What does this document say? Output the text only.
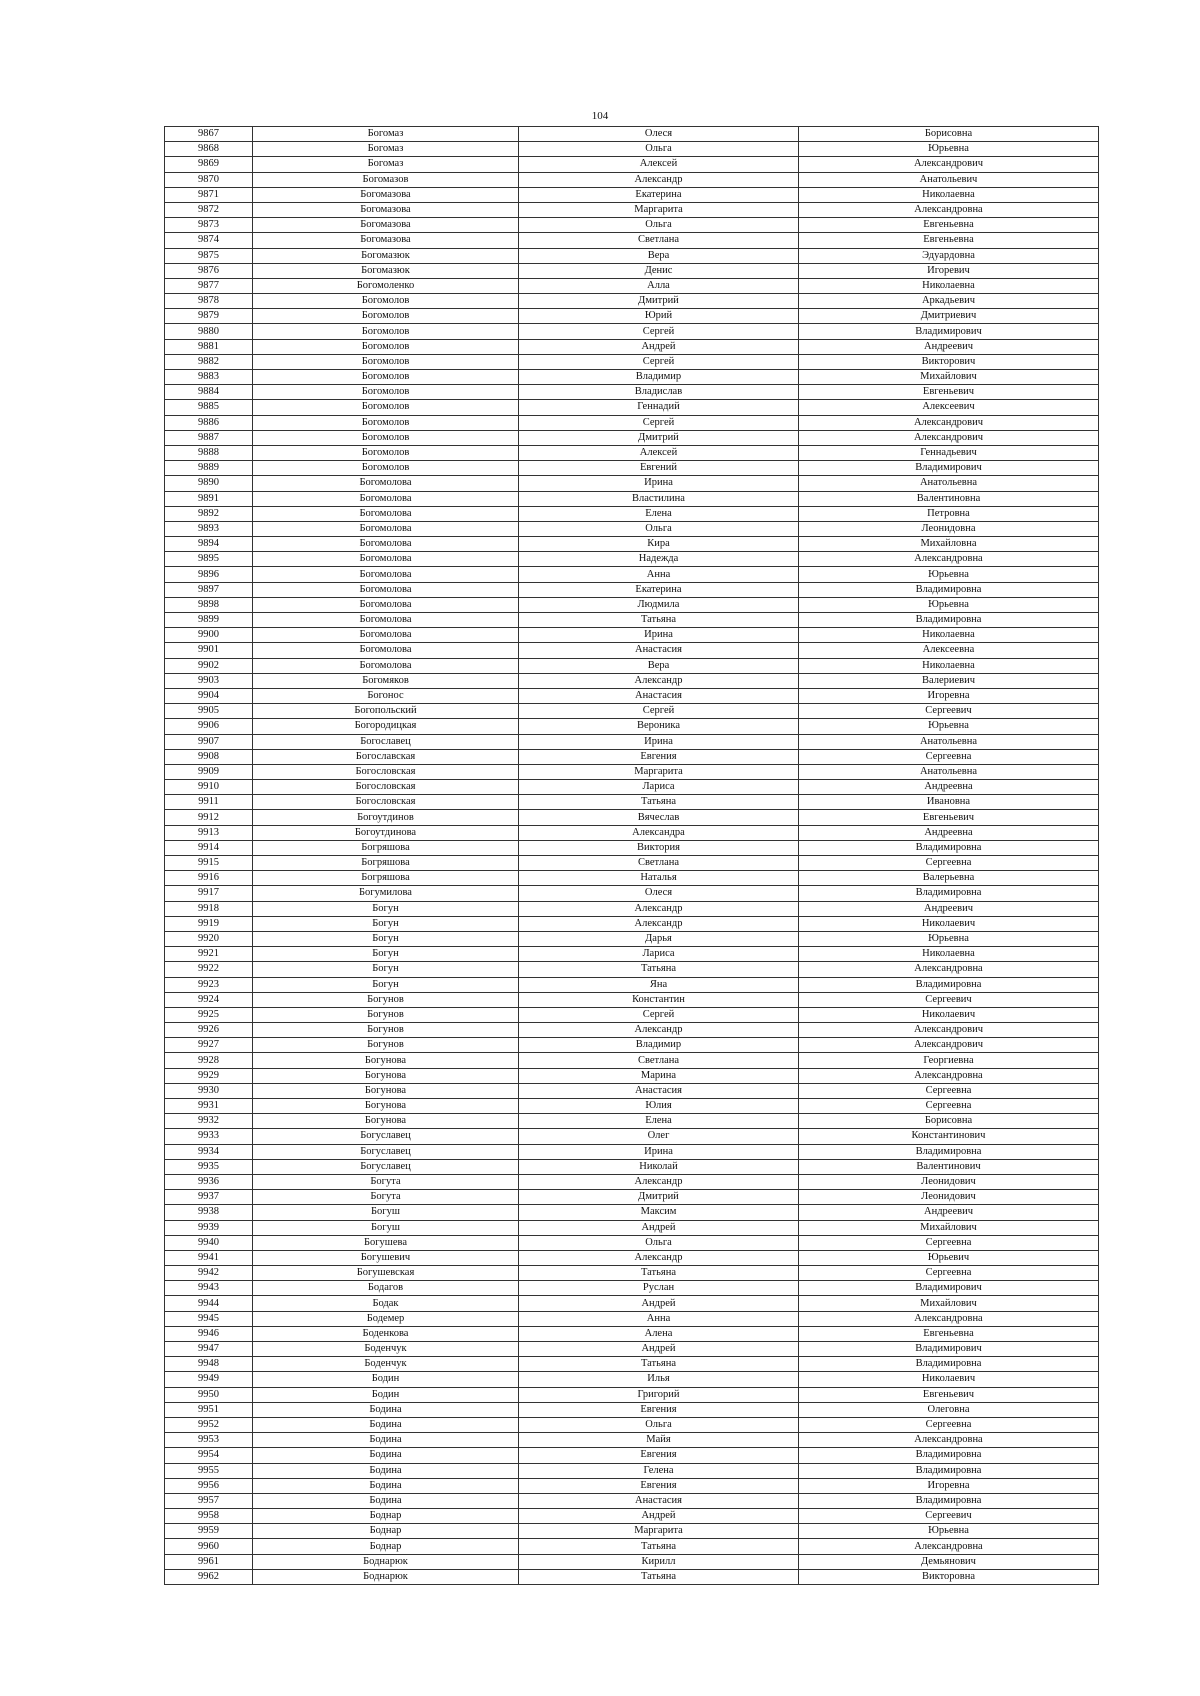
104
9867	Богомаз	Олеся	Борисовна
9868	Богомаз	Ольга	Юрьевна
9869	Богомаз	Алексей	Александрович
9870	Богомазов	Александр	Анатольевич
9871	Богомазова	Екатерина	Николаевна
9872	Богомазова	Маргарита	Александровна
9873	Богомазова	Ольга	Евгеньевна
9874	Богомазова	Светлана	Евгеньевна
9875	Богомазюк	Вера	Эдуардовна
9876	Богомазюк	Денис	Игоревич
9877	Богомоленко	Алла	Николаевна
9878	Богомолов	Дмитрий	Аркадьевич
9879	Богомолов	Юрий	Дмитриевич
9880	Богомолов	Сергей	Владимирович
9881	Богомолов	Андрей	Андреевич
9882	Богомолов	Сергей	Викторович
9883	Богомолов	Владимир	Михайлович
9884	Богомолов	Владислав	Евгеньевич
9885	Богомолов	Геннадий	Алексеевич
9886	Богомолов	Сергей	Александрович
9887	Богомолов	Дмитрий	Александрович
9888	Богомолов	Алексей	Геннадьевич
9889	Богомолов	Евгений	Владимирович
9890	Богомолова	Ирина	Анатольевна
9891	Богомолова	Властилина	Валентиновна
9892	Богомолова	Елена	Петровна
9893	Богомолова	Ольга	Леонидовна
9894	Богомолова	Кира	Михайловна
9895	Богомолова	Надежда	Александровна
9896	Богомолова	Анна	Юрьевна
9897	Богомолова	Екатерина	Владимировна
9898	Богомолова	Людмила	Юрьевна
9899	Богомолова	Татьяна	Владимировна
9900	Богомолова	Ирина	Николаевна
9901	Богомолова	Анастасия	Алексеевна
9902	Богомолова	Вера	Николаевна
9903	Богомяков	Александр	Валериевич
9904	Богонос	Анастасия	Игоревна
9905	Богопольский	Сергей	Сергеевич
9906	Богородицкая	Вероника	Юрьевна
9907	Богославец	Ирина	Анатольевна
9908	Богославская	Евгения	Сергеевна
9909	Богословская	Маргарита	Анатольевна
9910	Богословская	Лариса	Андреевна
9911	Богословская	Татьяна	Ивановна
9912	Богоутдинов	Вячеслав	Евгеньевич
9913	Богоутдинова	Александра	Андреевна
9914	Богряшова	Виктория	Владимировна
9915	Богряшова	Светлана	Сергеевна
9916	Богряшова	Наталья	Валерьевна
9917	Богумилова	Олеся	Владимировна
9918	Богун	Александр	Андреевич
9919	Богун	Александр	Николаевич
9920	Богун	Дарья	Юрьевна
9921	Богун	Лариса	Николаевна
9922	Богун	Татьяна	Александровна
9923	Богун	Яна	Владимировна
9924	Богунов	Константин	Сергеевич
9925	Богунов	Сергей	Николаевич
9926	Богунов	Александр	Александрович
9927	Богунов	Владимир	Александрович
9928	Богунова	Светлана	Георгиевна
9929	Богунова	Марина	Александровна
9930	Богунова	Анастасия	Сергеевна
9931	Богунова	Юлия	Сергеевна
9932	Богунова	Елена	Борисовна
9933	Богуславец	Олег	Константинович
9934	Богуславец	Ирина	Владимировна
9935	Богуславец	Николай	Валентинович
9936	Богута	Александр	Леонидович
9937	Богута	Дмитрий	Леонидович
9938	Богуш	Максим	Андреевич
9939	Богуш	Андрей	Михайлович
9940	Богушева	Ольга	Сергеевна
9941	Богушевич	Александр	Юрьевич
9942	Богушевская	Татьяна	Сергеевна
9943	Бодагов	Руслан	Владимирович
9944	Бодак	Андрей	Михайлович
9945	Бодемер	Анна	Александровна
9946	Боденкова	Алена	Евгеньевна
9947	Боденчук	Андрей	Владимирович
9948	Боденчук	Татьяна	Владимировна
9949	Бодин	Илья	Николаевич
9950	Бодин	Григорий	Евгеньевич
9951	Бодина	Евгения	Олеговна
9952	Бодина	Ольга	Сергеевна
9953	Бодина	Майя	Александровна
9954	Бодина	Евгения	Владимировна
9955	Бодина	Гелена	Владимировна
9956	Бодина	Евгения	Игоревна
9957	Бодина	Анастасия	Владимировна
9958	Боднар	Андрей	Сергеевич
9959	Боднар	Маргарита	Юрьевна
9960	Боднар	Татьяна	Александровна
9961	Боднарюк	Кирилл	Демьянович
9962	Боднарюк	Татьяна	Викторовна
